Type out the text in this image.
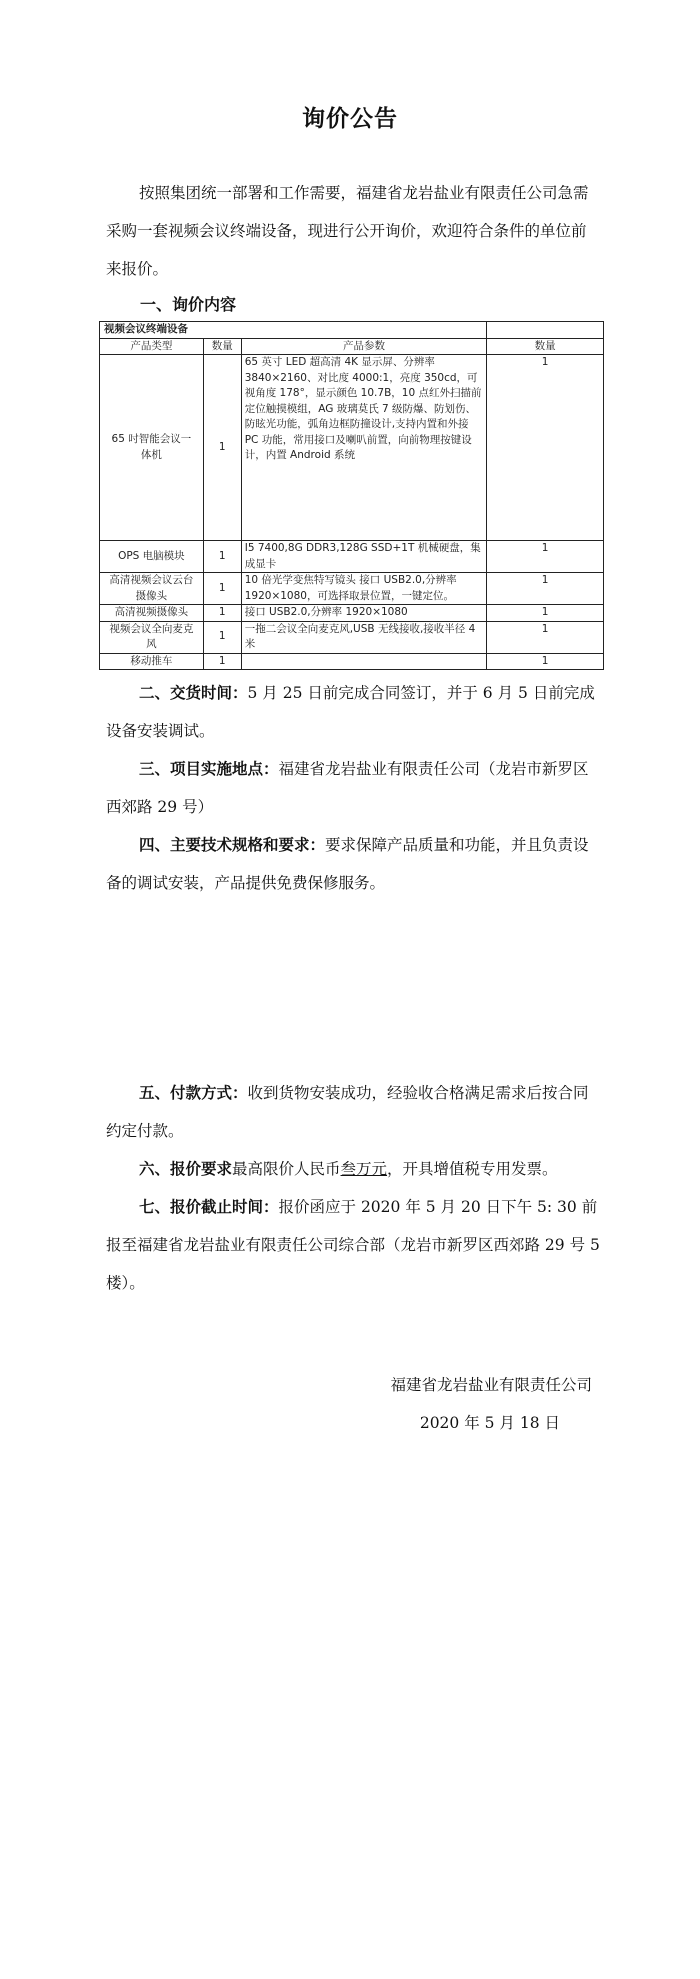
询价公告

按照集团统一部署和工作需要，福建省龙岩盐业有限责任公司急需采购一套视频会议终端设备，现进行公开询价，欢迎符合条件的单位前来报价。

一、询价内容
视频会议终端设备			
产品类型	数量	产品参数	数量
65 吋智能会议一体机	1	65 英寸 LED 超高清 4K 显示屏、分辨率 3840×2160、对比度 4000:1，亮度 350cd，可视角度 178°，显示颜色 10.7B，10 点红外扫描前定位触摸模组，AG 玻璃莫氏 7 级防爆、防划伤、防眩光功能，弧角边框防撞设计,支持内置和外接 PC 功能，常用接口及喇叭前置，向前物理按键设计，内置 Android 系统	1
OPS 电脑模块	1	I5 7400,8G DDR3,128G SSD+1T 机械硬盘，集成显卡	1
高清视频会议云台摄像头	1	10 倍光学变焦特写镜头 接口 USB2.0,分辨率 1920×1080，可选择取景位置，一键定位。	1
高清视频摄像头	1	接口 USB2.0,分辨率 1920×1080	1
视频会议全向麦克风	1	一拖二会议全向麦克风,USB 无线接收,接收半径 4 米	1
移动推车	1		1

二、交货时间：5 月 25 日前完成合同签订，并于 6 月 5 日前完成设备安装调试。

三、项目实施地点：福建省龙岩盐业有限责任公司（龙岩市新罗区西郊路 29 号）

四、主要技术规格和要求：要求保障产品质量和功能，并且负责设备的调试安装，产品提供免费保修服务。

五、付款方式：收到货物安装成功，经验收合格满足需求后按合同约定付款。

六、报价要求最高限价人民币叁万元，开具增值税专用发票。

七、报价截止时间：报价函应于 2020 年 5 月 20 日下午 5: 30 前报至福建省龙岩盐业有限责任公司综合部（龙岩市新罗区西郊路 29 号 5 楼）。

福建省龙岩盐业有限责任公司
2020 年 5 月 18 日
